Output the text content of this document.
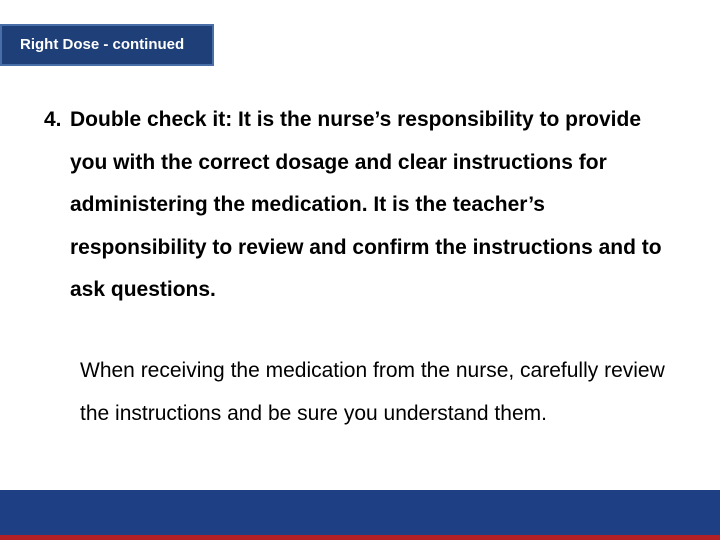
Right Dose - continued
4. Double check it: It is the nurse’s responsibility to provide you with the correct dosage and clear instructions for administering the medication. It is the teacher’s responsibility to review and confirm the instructions and to ask questions.
When receiving the medication from the nurse, carefully review the instructions and be sure you understand them.
